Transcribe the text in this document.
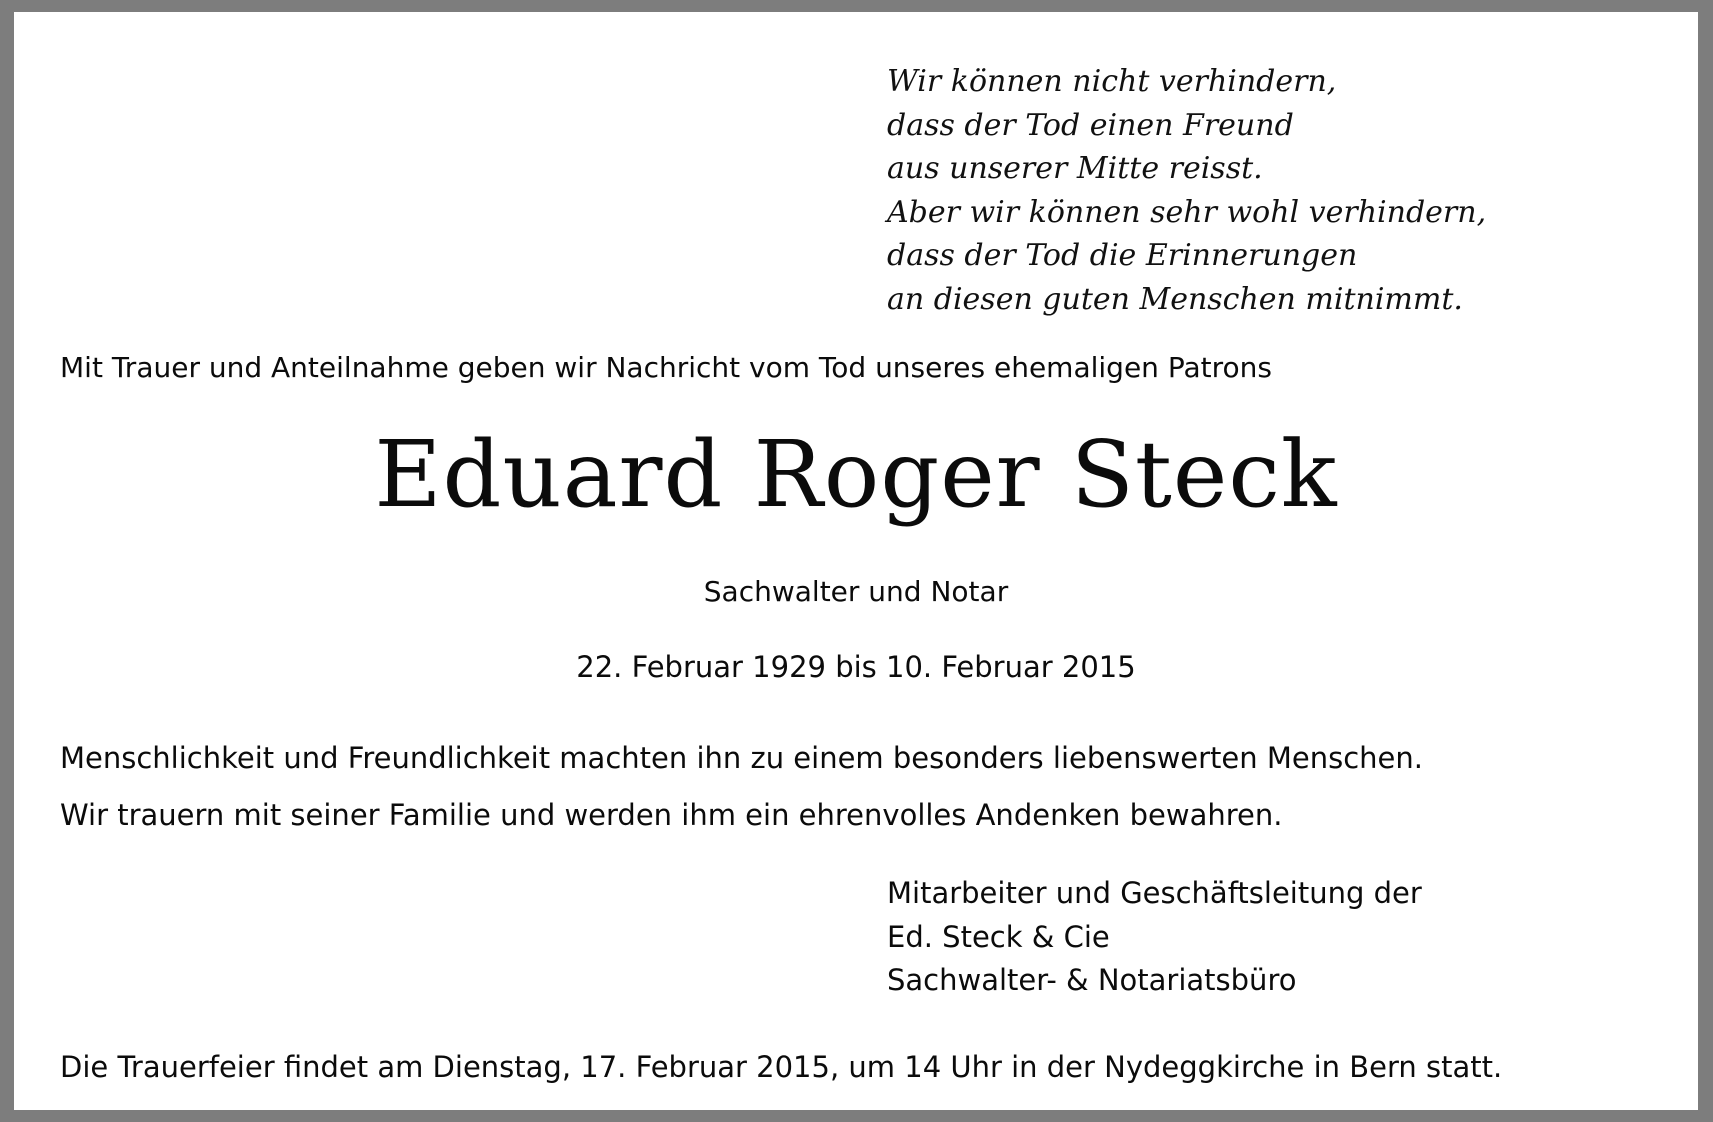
Wir können nicht verhindern,
dass der Tod einen Freund
aus unserer Mitte reisst.
Aber wir können sehr wohl verhindern,
dass der Tod die Erinnerungen
an diesen guten Menschen mitnimmt.
Mit Trauer und Anteilnahme geben wir Nachricht vom Tod unseres ehemaligen Patrons
Eduard Roger Steck
Sachwalter und Notar
22. Februar 1929 bis 10. Februar 2015
Menschlichkeit und Freundlichkeit machten ihn zu einem besonders liebenswerten Menschen.
Wir trauern mit seiner Familie und werden ihm ein ehrenvolles Andenken bewahren.
Mitarbeiter und Geschäftsleitung der
Ed. Steck & Cie
Sachwalter- & Notariatsbüro
Die Trauerfeier findet am Dienstag, 17. Februar 2015, um 14 Uhr in der Nydeggkirche in Bern statt.
